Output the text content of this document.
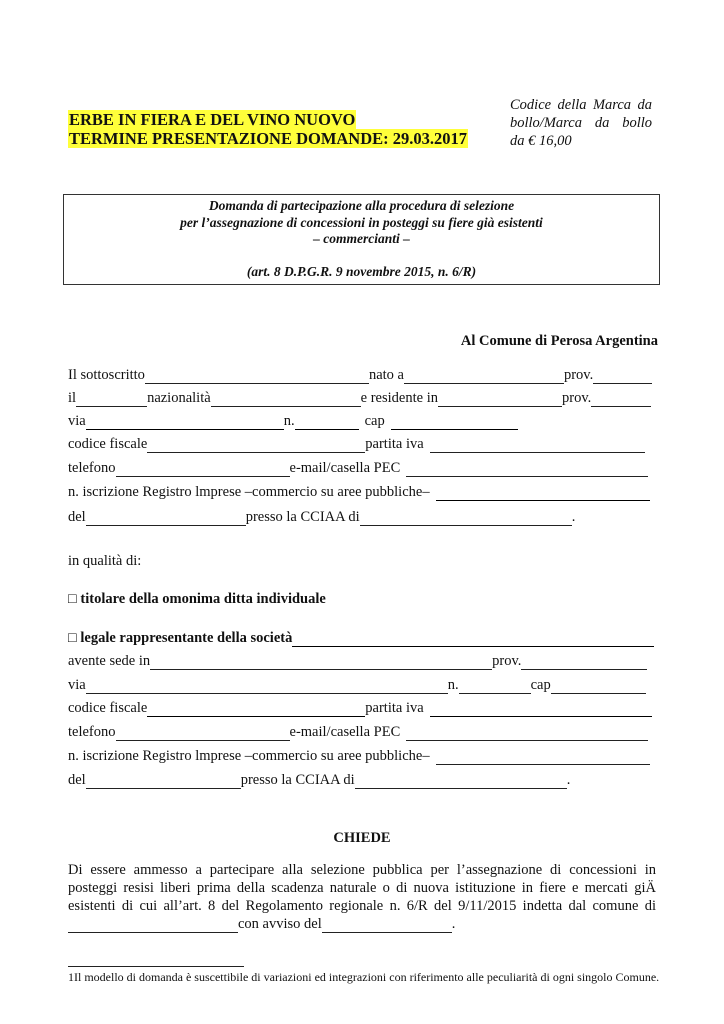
ERBE IN FIERA E DEL VINO NUOVO
TERMINE PRESENTAZIONE DOMANDE: 29.03.2017
Codice della Marca da
bollo/Marca da bollo
da € 16,00
Domanda di partecipazione alla procedura di selezione
per l’assegnazione di concessioni in posteggi su fiere già esistenti
– commercianti –
(art. 8 D.P.G.R. 9 novembre 2015, n. 6/R)
Al Comune di Perosa Argentina
Il sottoscritto	nato a	prov.
il	nazionalità	e residente in	prov.
via	n.	cap
codice fiscale	partita iva
telefono	e-mail/casella PEC
n. iscrizione Registro lmprese –commercio su aree pubbliche–
del	presso la CCIAA di	.
in qualità di:
□ titolare della omonima ditta individuale
□ legale rappresentante della società
avente sede in	prov.
via	n.	cap
codice fiscale	partita iva
telefono	e-mail/casella PEC
n. iscrizione Registro lmprese –commercio su aree pubbliche–
del	presso la CCIAA di	.
CHIEDE
Di essere ammesso a partecipare alla selezione pubblica per l’assegnazione di concessioni in
posteggi resisi liberi prima della scadenza naturale o di nuova istituzione in fiere e mercati giÄ
esistenti di cui all’art. 8 del Regolamento regionale n. 6/R del 9/11/2015 indetta dal comune di
con avviso del	.
1Il modello di domanda è suscettibile di variazioni ed integrazioni con riferimento alle peculiarità di ogni singolo Comune.
